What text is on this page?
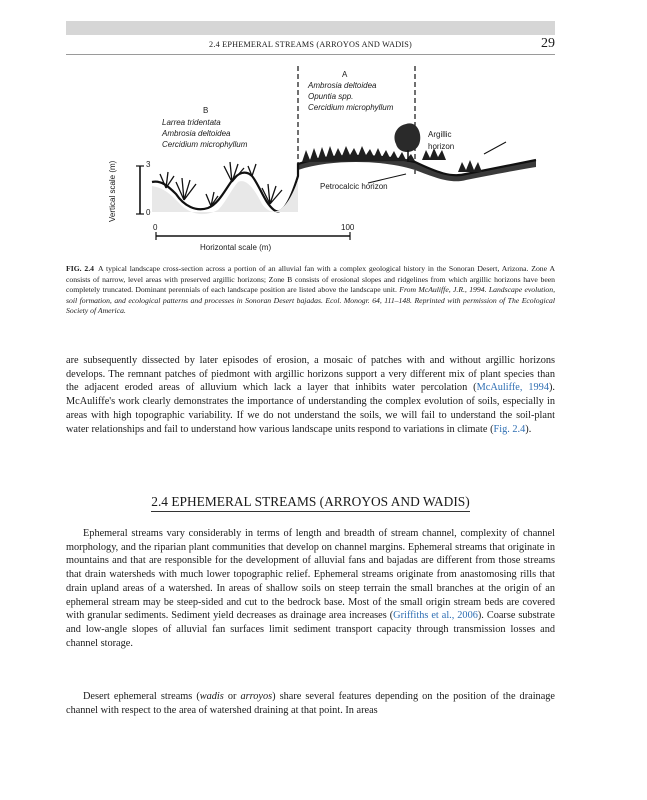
2.4 EPHEMERAL STREAMS (ARROYOS AND WADIS)	29
A
Ambrosia deltoidea
Opuntia spp.
Cercidium microphyllum
B
Larrea tridentata
Ambrosia deltoidea
Cercidium microphyllum
Argillic
horizon
Petrocalcic horizon
3
0
Vertical scale (m)
0	100
Horizontal scale (m)
FIG. 2.4 A typical landscape cross-section across a portion of an alluvial fan with a complex geological history in the Sonoran Desert, Arizona. Zone A consists of narrow, level areas with preserved argillic horizons; Zone B consists of erosional slopes and ridgelines from which argillic horizons have been completely truncated. Dominant perennials of each landscape position are listed above the landscape unit. From McAuliffe, J.R., 1994. Landscape evolution, soil formation, and ecological patterns and processes in Sonoran Desert bajadas. Ecol. Monogr. 64, 111–148. Reprinted with permission of The Ecological Society of America.
are subsequently dissected by later episodes of erosion, a mosaic of patches with and without argillic horizons develops. The remnant patches of piedmont with argillic horizons support a very different mix of plant species than the adjacent eroded areas of alluvium which lack a layer that inhibits water percolation (McAuliffe, 1994). McAuliffe's work clearly demonstrates the importance of understanding the complex evolution of soils, especially in areas with high topographic variability. If we do not understand the soils, we will fail to understand the soil-plant water relationships and fail to understand how various landscape units respond to variations in climate (Fig. 2.4).
2.4 EPHEMERAL STREAMS (ARROYOS AND WADIS)
Ephemeral streams vary considerably in terms of length and breadth of stream channel, complexity of channel morphology, and the riparian plant communities that develop on channel margins. Ephemeral streams that originate in mountains and that are responsible for the development of alluvial fans and bajadas are different from those streams that drain watersheds with much lower topographic relief. Ephemeral streams originate from anastomosing rills that drain upland areas of a watershed. In areas of shallow soils on steep terrain the small branches at the origin of an ephemeral stream may be steep-sided and cut to the bedrock base. Most of the small origin stream beds are covered with granular sediments. Sediment yield decreases as drainage area increases (Griffiths et al., 2006). Coarse substrate and low-angle slopes of alluvial fan surfaces limit sediment transport capacity through transmission losses and channel storage.
Desert ephemeral streams (wadis or arroyos) share several features depending on the position of the drainage channel with respect to the area of watershed draining at that point. In areas
